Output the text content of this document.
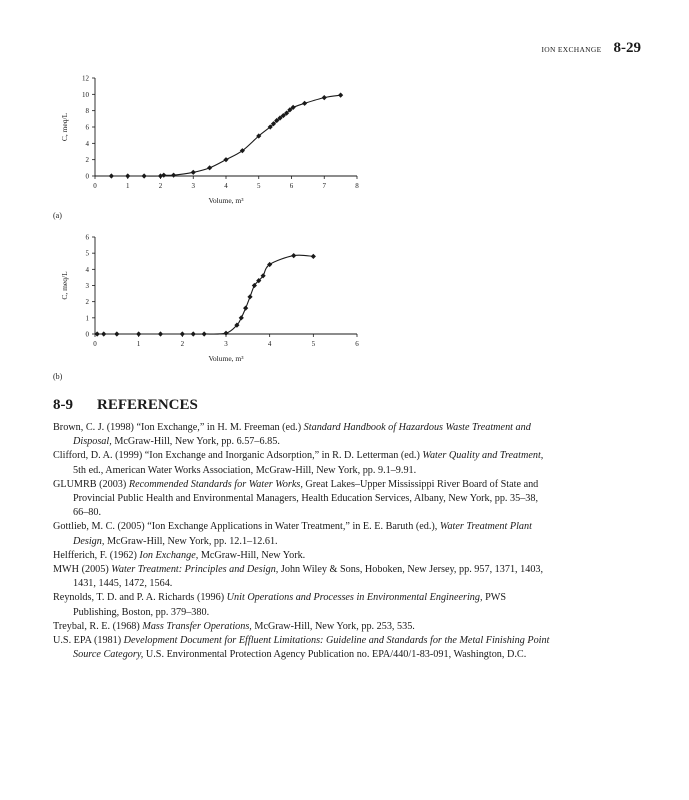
ION EXCHANGE 8-29
0	1	2	3	4	5	6	7	8
0
2
4
6
8
10
12
Volume, m³
C, meq/L
(a)
0	1	2	3	4	5	6
0
1
2
3
4
5
6
Volume, m³
C, meq/L
(b)
8-9 REFERENCES
Brown, C. J. (1998) “Ion Exchange,” in H. M. Freeman (ed.) Standard Handbook of Hazardous Waste Treatment and Disposal, McGraw-Hill, New York, pp. 6.57–6.85.
Clifford, D. A. (1999) “Ion Exchange and Inorganic Adsorption,” in R. D. Letterman (ed.) Water Quality and Treatment, 5th ed., American Water Works Association, McGraw-Hill, New York, pp. 9.1–9.91.
GLUMRB (2003) Recommended Standards for Water Works, Great Lakes–Upper Mississippi River Board of State and Provincial Public Health and Environmental Managers, Health Education Services, Albany, New York, pp. 35–38, 66–80.
Gottlieb, M. C. (2005) “Ion Exchange Applications in Water Treatment,” in E. E. Baruth (ed.), Water Treatment Plant Design, McGraw-Hill, New York, pp. 12.1–12.61.
Helfferich, F. (1962) Ion Exchange, McGraw-Hill, New York.
MWH (2005) Water Treatment: Principles and Design, John Wiley & Sons, Hoboken, New Jersey, pp. 957, 1371, 1403, 1431, 1445, 1472, 1564.
Reynolds, T. D. and P. A. Richards (1996) Unit Operations and Processes in Environmental Engineering, PWS Publishing, Boston, pp. 379–380.
Treybal, R. E. (1968) Mass Transfer Operations, McGraw-Hill, New York, pp. 253, 535.
U.S. EPA (1981) Development Document for Effluent Limitations: Guideline and Standards for the Metal Finishing Point Source Category, U.S. Environmental Protection Agency Publication no. EPA/440/1-83-091, Washington, D.C.
